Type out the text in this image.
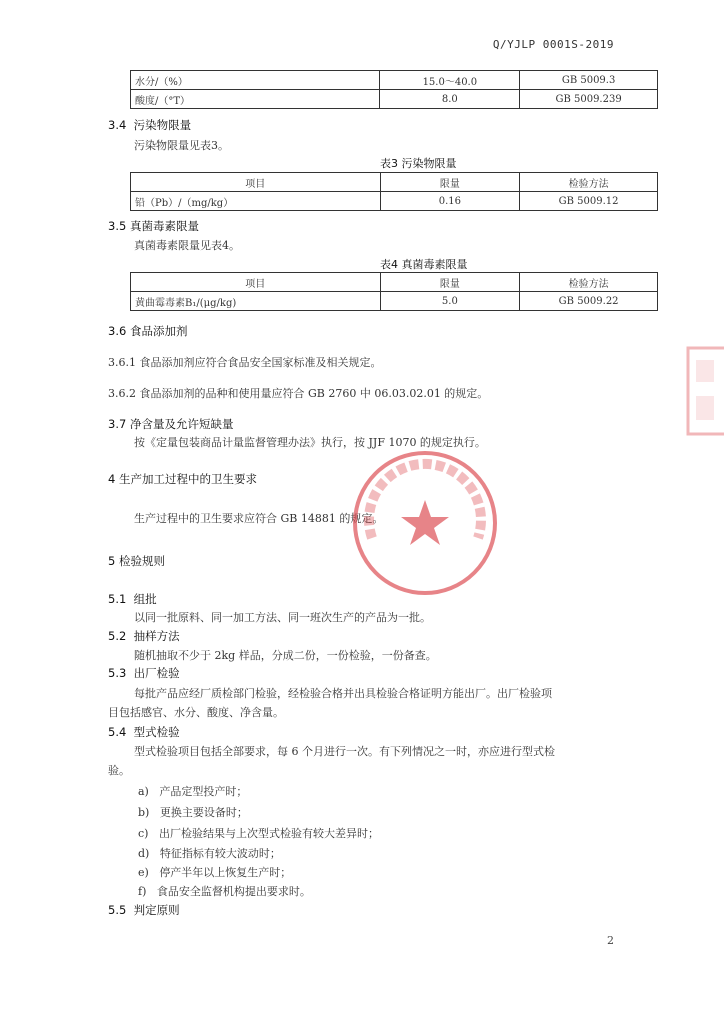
Q/YJLP 0001S-2019
水分/（%）	15.0～40.0	GB 5009.3
酸度/（°T）	8.0	GB 5009.239
3.4 污染物限量
污染物限量见表3。
表3 污染物限量
项目	限量	检验方法
铅（Pb）/（mg/kg）	0.16	GB 5009.12
3.5 真菌毒素限量
真菌毒素限量见表4。
表4 真菌毒素限量
项目	限量	检验方法
黄曲霉毒素B₁/(μg/kg)	5.0	GB 5009.22
3.6 食品添加剂
3.6.1 食品添加剂应符合食品安全国家标准及相关规定。
3.6.2 食品添加剂的品种和使用量应符合 GB 2760 中 06.03.02.01 的规定。
3.7 净含量及允许短缺量
按《定量包装商品计量监督管理办法》执行，按 JJF 1070 的规定执行。
4 生产加工过程中的卫生要求
生产过程中的卫生要求应符合 GB 14881 的规定。
5 检验规则
5.1 组批
以同一批原料、同一加工方法、同一班次生产的产品为一批。
5.2 抽样方法
随机抽取不少于 2kg 样品，分成二份，一份检验，一份备查。
5.3 出厂检验
每批产品应经厂质检部门检验，经检验合格并出具检验合格证明方能出厂。出厂检验项
目包括感官、水分、酸度、净含量。
5.4 型式检验
型式检验项目包括全部要求，每 6 个月进行一次。有下列情况之一时，亦应进行型式检
验。
a) 产品定型投产时；
b) 更换主要设备时；
c) 出厂检验结果与上次型式检验有较大差异时；
d) 特征指标有较大波动时；
e) 停产半年以上恢复生产时；
f) 食品安全监督机构提出要求时。
5.5 判定原则
2
